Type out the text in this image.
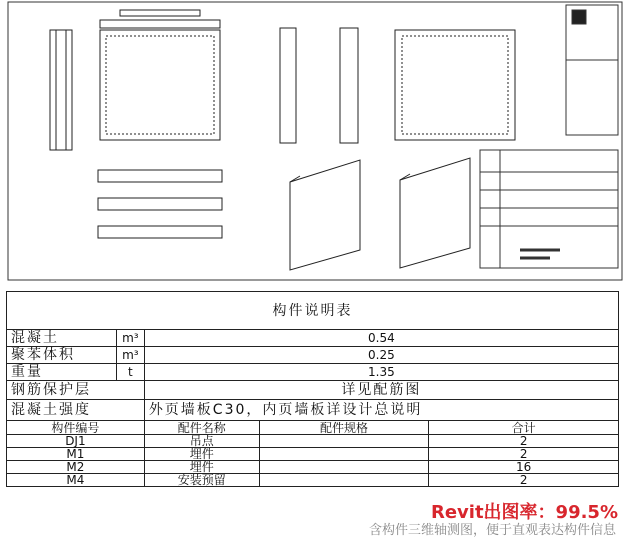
构件说明表				
混凝土	m³	0.54		
聚苯体积	m³	0.25		
重量	t	1.35		
钢筋保护层		详见配筋图		
混凝土强度		外页墙板C30，内页墙板详设计总说明		
构件编号		配件名称	配件规格	合计
DJ1		吊点		2
M1		埋件		2
M2		埋件		16
M4		安装预留		2
Revit出图率：99.5%
含构件三维轴测图，便于直观表达构件信息
